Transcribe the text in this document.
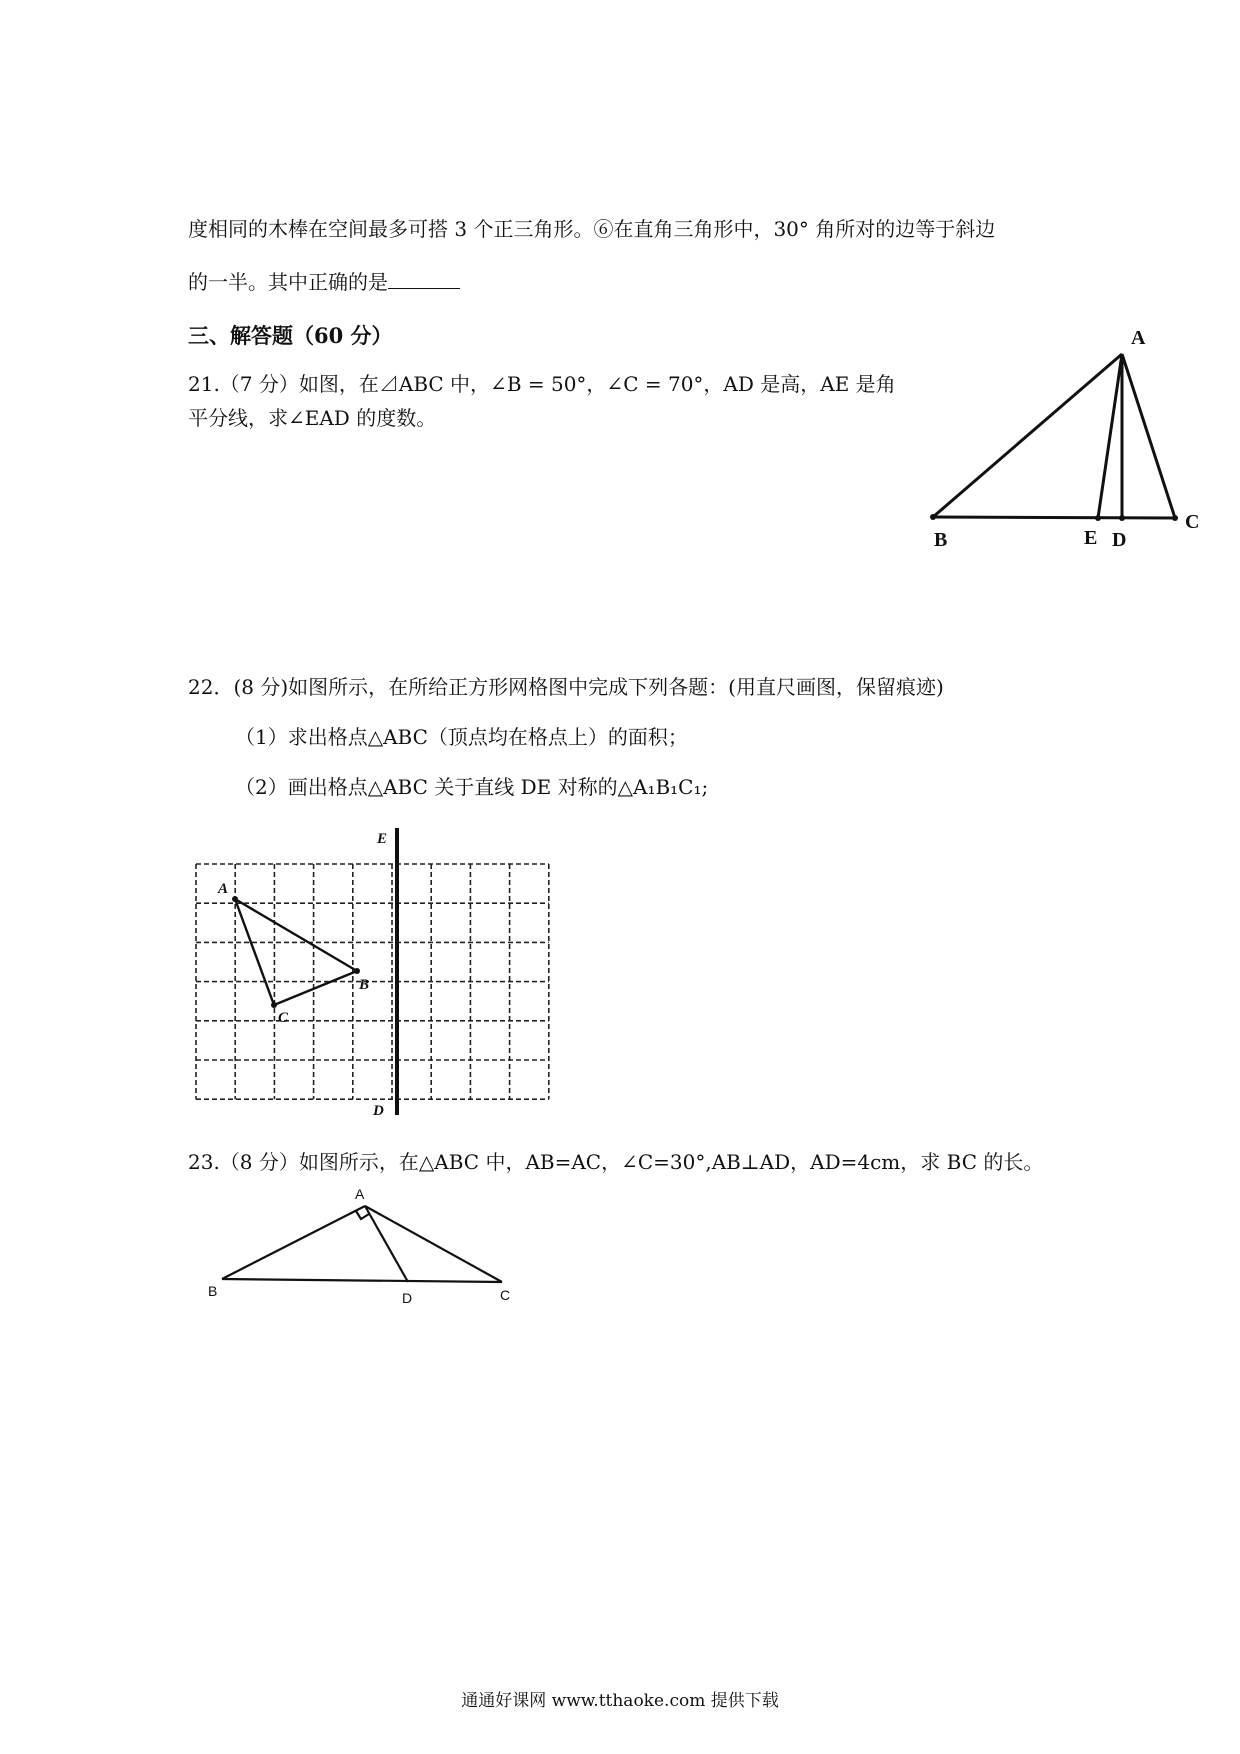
度相同的木棒在空间最多可搭 3 个正三角形。⑥在直角三角形中，30° 角所对的边等于斜边
的一半。其中正确的是
三、解答题（60 分）
21.（7 分）如图，在⊿ABC 中，∠B = 50°，∠C = 70°，AD 是高，AE 是角
平分线，求∠EAD 的度数。
A
B	E D
C
22．(8 分)如图所示，在所给正方形网格图中完成下列各题：(用直尺画图，保留痕迹)
（1）求出格点△ABC（顶点均在格点上）的面积；
（2）画出格点△ABC 关于直线 DE 对称的△A₁B₁C₁;
A
B
C
E
D
23.（8 分）如图所示，在△ABC 中，AB=AC，∠C=30°,AB⊥AD，AD=4cm，求 BC 的长。
A
B	D	C
通通好课网 www.tthaoke.com 提供下载
